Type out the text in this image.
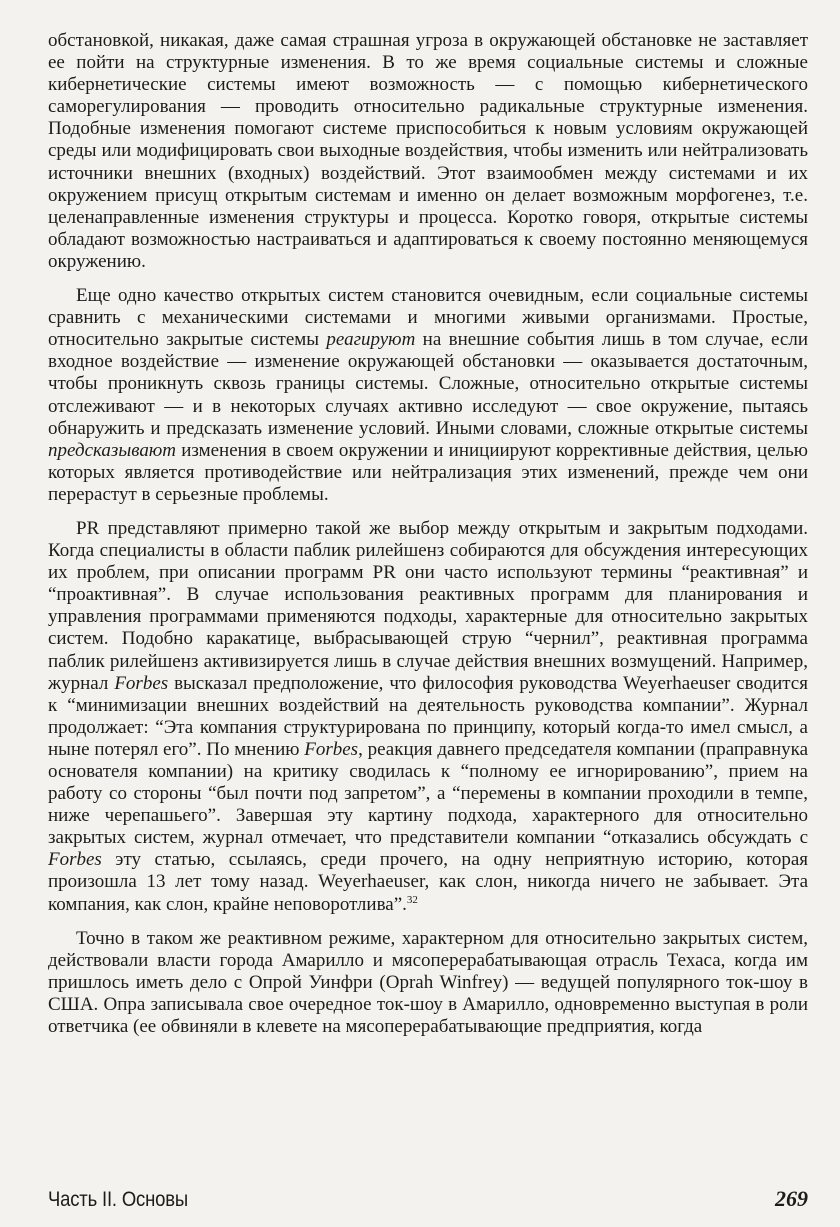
обстановкой, никакая, даже самая страшная угроза в окружающей обстановке не заставляет ее пойти на структурные изменения. В то же время социальные системы и сложные кибернетические системы имеют возможность — с помощью кибернетического саморегулирования — проводить относительно радикальные структурные изменения. Подобные изменения помогают системе приспособиться к новым условиям окружающей среды или модифицировать свои выходные воздействия, чтобы изменить или нейтрализовать источники внешних (входных) воздействий. Этот взаимообмен между системами и их окружением присущ открытым системам и именно он делает возможным морфогенез, т.е. целенаправленные изменения структуры и процесса. Коротко говоря, открытые системы обладают возможностью настраиваться и адаптироваться к своему постоянно меняющемуся окружению.

Еще одно качество открытых систем становится очевидным, если социальные системы сравнить с механическими системами и многими живыми организмами. Простые, относительно закрытые системы реагируют на внешние события лишь в том случае, если входное воздействие — изменение окружающей обстановки — оказывается достаточным, чтобы проникнуть сквозь границы системы. Сложные, относительно открытые системы отслеживают — и в некоторых случаях активно исследуют — свое окружение, пытаясь обнаружить и предсказать изменение условий. Иными словами, сложные открытые системы предсказывают изменения в своем окружении и инициируют коррективные действия, целью которых является противодействие или нейтрализация этих изменений, прежде чем они перерастут в серьезные проблемы.

PR представляют примерно такой же выбор между открытым и закрытым подходами. Когда специалисты в области паблик рилейшенз собираются для обсуждения интересующих их проблем, при описании программ PR они часто используют термины “реактивная” и “проактивная”. В случае использования реактивных программ для планирования и управления программами применяются подходы, характерные для относительно закрытых систем. Подобно каракатице, выбрасывающей струю “чернил”, реактивная программа паблик рилейшенз активизируется лишь в случае действия внешних возмущений. Например, журнал Forbes высказал предположение, что философия руководства Weyerhaeuser сводится к “минимизации внешних воздействий на деятельность руководства компании”. Журнал продолжает: “Эта компания структурирована по принципу, который когда-то имел смысл, а ныне потерял его”. По мнению Forbes, реакция давнего председателя компании (праправнука основателя компании) на критику сводилась к “полному ее игнорированию”, прием на работу со стороны “был почти под запретом”, а “перемены в компании проходили в темпе, ниже черепашьего”. Завершая эту картину подхода, характерного для относительно закрытых систем, журнал отмечает, что представители компании “отказались обсуждать с Forbes эту статью, ссылаясь, среди прочего, на одну неприятную историю, которая произошла 13 лет тому назад. Weyerhaeuser, как слон, никогда ничего не забывает. Эта компания, как слон, крайне неповоротлива”.$^{32}$

Точно в таком же реактивном режиме, характерном для относительно закрытых систем, действовали власти города Амарилло и мясоперерабатывающая отрасль Техаса, когда им пришлось иметь дело с Опрой Уинфри (Oprah Winfrey) — ведущей популярного ток-шоу в США. Опра записывала свое очередное ток-шоу в Амарилло, одновременно выступая в роли ответчика (ее обвиняли в клевете на мясоперерабатывающие предприятия, когда

Часть II. Основы	269
